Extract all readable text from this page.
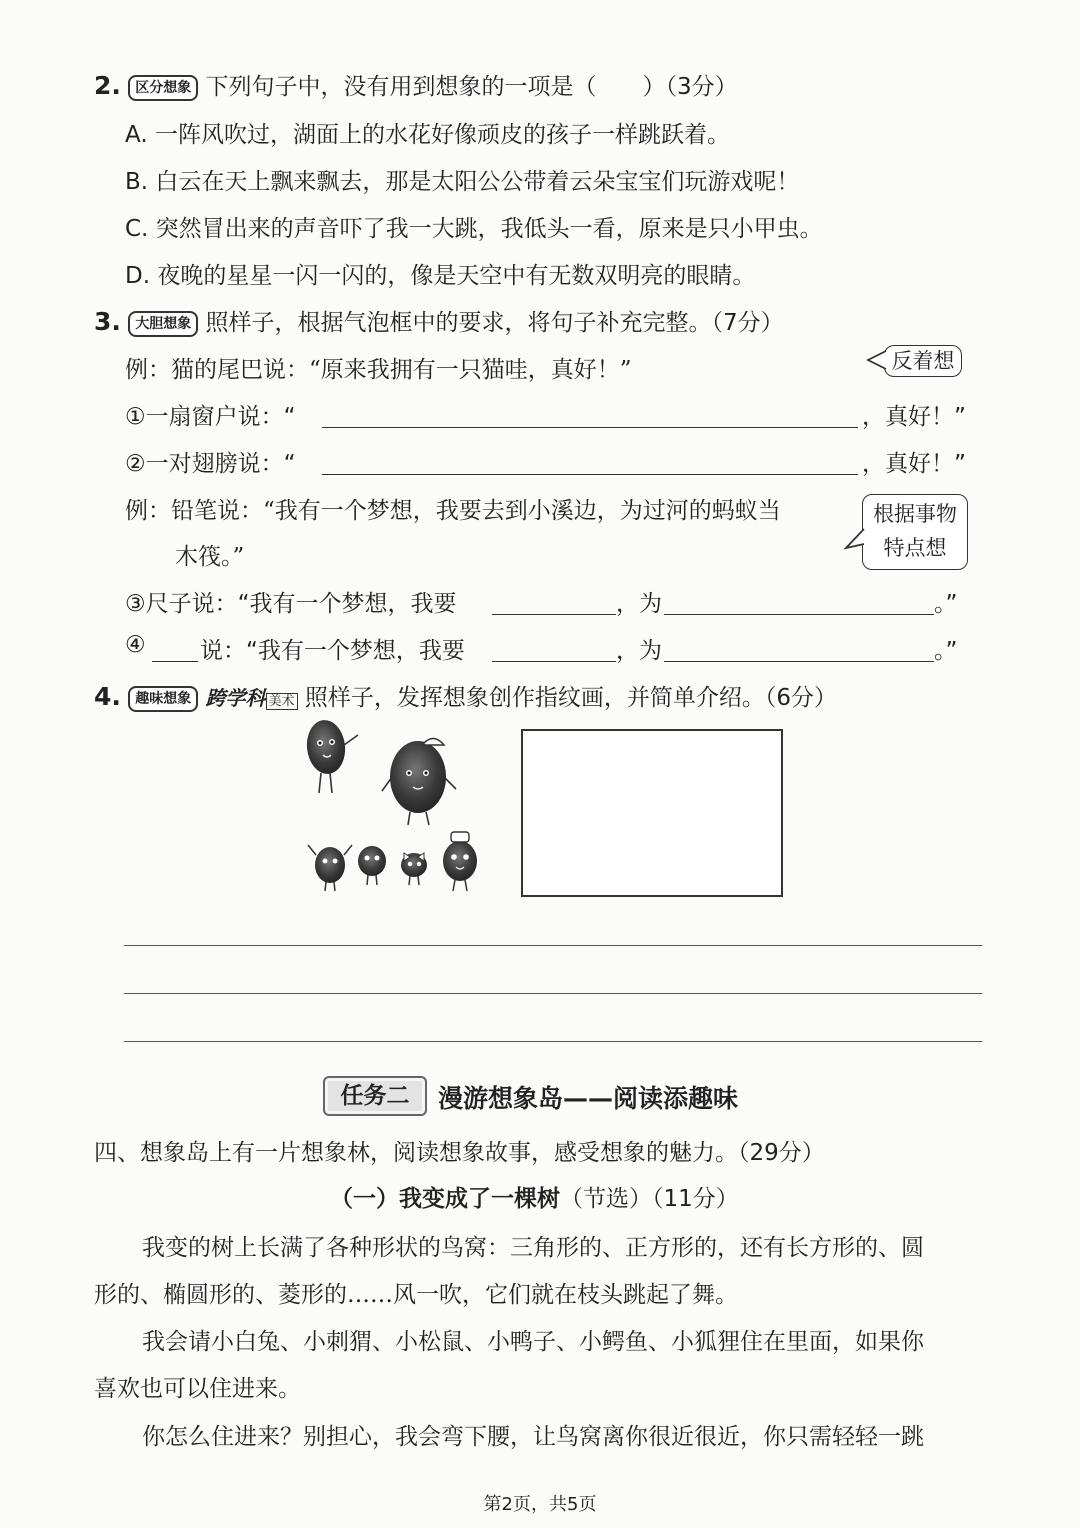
2. 区分想象 下列句子中，没有用到想象的一项是（　　）（3分）
A. 一阵风吹过，湖面上的水花好像顽皮的孩子一样跳跃着。
B. 白云在天上飘来飘去，那是太阳公公带着云朵宝宝们玩游戏呢！
C. 突然冒出来的声音吓了我一大跳，我低头一看，原来是只小甲虫。
D. 夜晚的星星一闪一闪的，像是天空中有无数双明亮的眼睛。
3. 大胆想象 照样子，根据气泡框中的要求，将句子补充完整。（7分）
例：猫的尾巴说：“原来我拥有一只猫哇，真好！”	反着想
①一扇窗户说：“	，真好！”
②一对翅膀说：“	，真好！”
例：铅笔说：“我有一个梦想，我要去到小溪边，为过河的蚂蚁当
木筏。”
根据事物
特点想
③尺子说：“我有一个梦想，我要	，为	。”
④ 说：“我有一个梦想，我要	，为	。”
4. 趣味想象 跨学科 美术 照样子，发挥想象创作指纹画，并简单介绍。（6分）
任务二	漫游想象岛——阅读添趣味
四、想象岛上有一片想象林，阅读想象故事，感受想象的魅力。（29分）
（一）我变成了一棵树（节选）（11分）
我变的树上长满了各种形状的鸟窝：三角形的、正方形的，还有长方形的、圆
形的、椭圆形的、菱形的……风一吹，它们就在枝头跳起了舞。
我会请小白兔、小刺猬、小松鼠、小鸭子、小鳄鱼、小狐狸住在里面，如果你
喜欢也可以住进来。
你怎么住进来？别担心，我会弯下腰，让鸟窝离你很近很近，你只需轻轻一跳
第2页，共5页
